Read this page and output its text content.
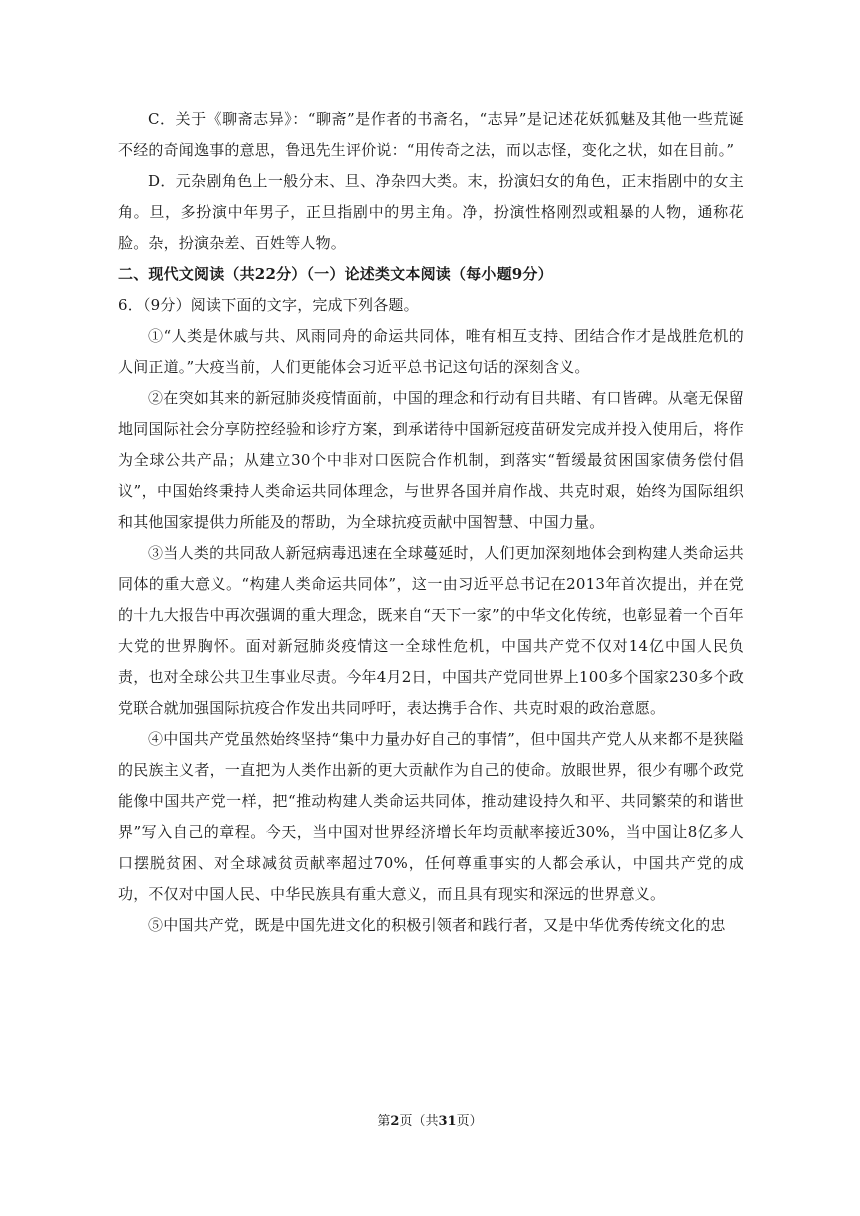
C．关于《聊斋志异》：“聊斋”是作者的书斋名，“志异”是记述花妖狐魅及其他一些荒诞不经的奇闻逸事的意思，鲁迅先生评价说：“用传奇之法，而以志怪，变化之状，如在目前。”

D．元杂剧角色上一般分末、旦、净杂四大类。末，扮演妇女的角色，正末指剧中的女主角。旦，多扮演中年男子，正旦指剧中的男主角。净，扮演性格刚烈或粗暴的人物，通称花脸。杂，扮演杂差、百姓等人物。

二、现代文阅读（共22分）（一）论述类文本阅读（每小题9分）

6．（9分）阅读下面的文字，完成下列各题。

①“人类是休戚与共、风雨同舟的命运共同体，唯有相互支持、团结合作才是战胜危机的人间正道。”大疫当前，人们更能体会习近平总书记这句话的深刻含义。

②在突如其来的新冠肺炎疫情面前，中国的理念和行动有目共睹、有口皆碑。从毫无保留地同国际社会分享防控经验和诊疗方案，到承诺待中国新冠疫苗研发完成并投入使用后，将作为全球公共产品；从建立30个中非对口医院合作机制，到落实“暂缓最贫困国家债务偿付倡议”，中国始终秉持人类命运共同体理念，与世界各国并肩作战、共克时艰，始终为国际组织和其他国家提供力所能及的帮助，为全球抗疫贡献中国智慧、中国力量。

③当人类的共同敌人新冠病毒迅速在全球蔓延时，人们更加深刻地体会到构建人类命运共同体的重大意义。“构建人类命运共同体”，这一由习近平总书记在2013年首次提出，并在党的十九大报告中再次强调的重大理念，既来自“天下一家”的中华文化传统，也彰显着一个百年大党的世界胸怀。面对新冠肺炎疫情这一全球性危机，中国共产党不仅对14亿中国人民负责，也对全球公共卫生事业尽责。今年4月2日，中国共产党同世界上100多个国家230多个政党联合就加强国际抗疫合作发出共同呼吁，表达携手合作、共克时艰的政治意愿。

④中国共产党虽然始终坚持“集中力量办好自己的事情”，但中国共产党人从来都不是狭隘的民族主义者，一直把为人类作出新的更大贡献作为自己的使命。放眼世界，很少有哪个政党能像中国共产党一样，把“推动构建人类命运共同体，推动建设持久和平、共同繁荣的和谐世界”写入自己的章程。今天，当中国对世界经济增长年均贡献率接近30%，当中国让8亿多人口摆脱贫困、对全球减贫贡献率超过70%，任何尊重事实的人都会承认，中国共产党的成功，不仅对中国人民、中华民族具有重大意义，而且具有现实和深远的世界意义。

⑤中国共产党，既是中国先进文化的积极引领者和践行者，又是中华优秀传统文化的忠

第2页（共31页）
